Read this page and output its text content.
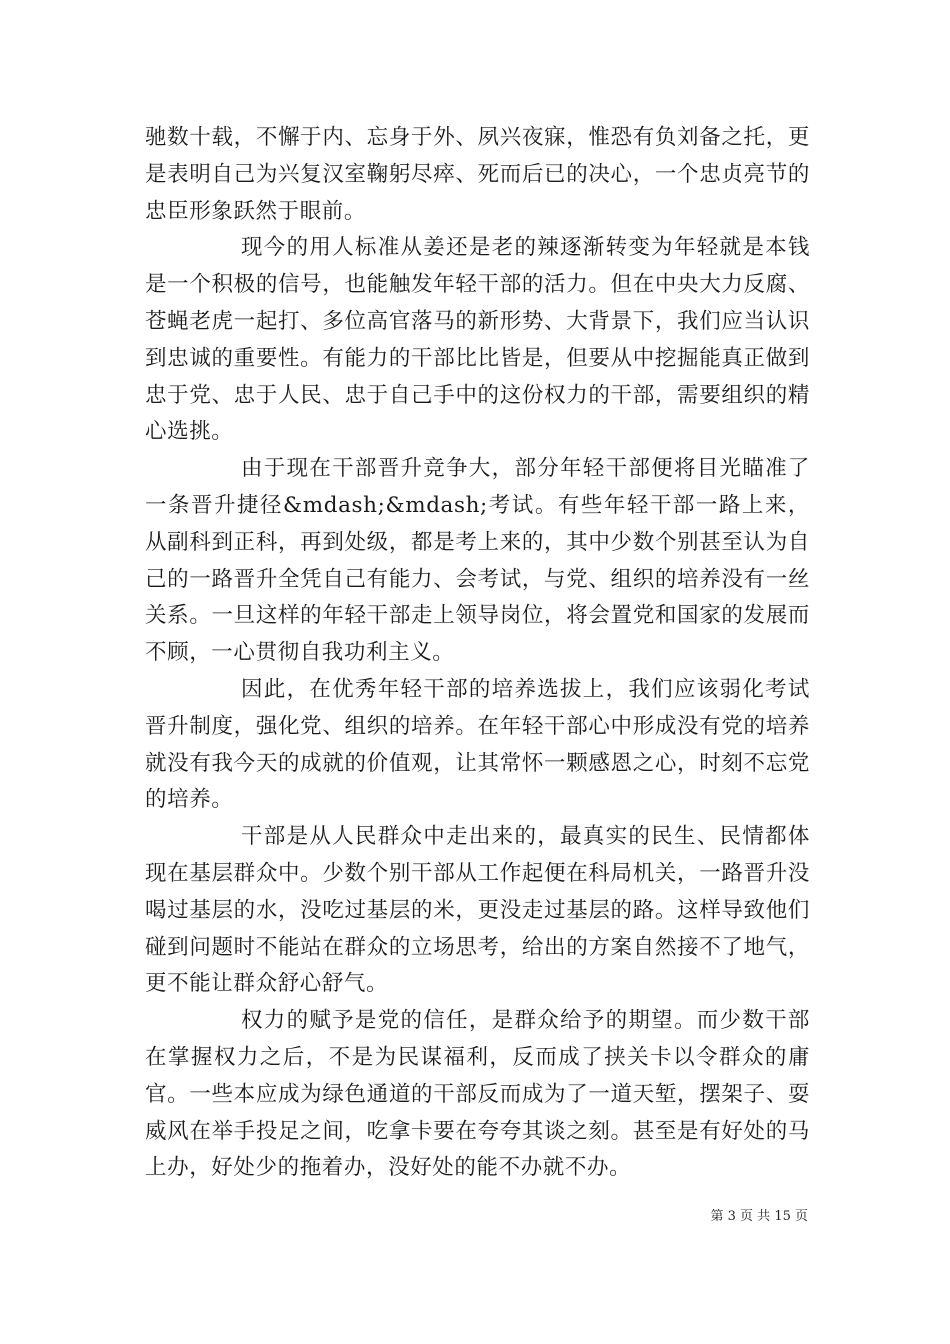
驰数十载，不懈于内、忘身于外、夙兴夜寐，惟恐有负刘备之托，更是表明自己为兴复汉室鞠躬尽瘁、死而后已的决心，一个忠贞亮节的忠臣形象跃然于眼前。

现今的用人标准从姜还是老的辣逐渐转变为年轻就是本钱是一个积极的信号，也能触发年轻干部的活力。但在中央大力反腐、苍蝇老虎一起打、多位高官落马的新形势、大背景下，我们应当认识到忠诚的重要性。有能力的干部比比皆是，但要从中挖掘能真正做到忠于党、忠于人民、忠于自己手中的这份权力的干部，需要组织的精心选挑。

由于现在干部晋升竞争大，部分年轻干部便将目光瞄准了一条晋升捷径&mdash;&mdash;考试。有些年轻干部一路上来，从副科到正科，再到处级，都是考上来的，其中少数个别甚至认为自己的一路晋升全凭自己有能力、会考试，与党、组织的培养没有一丝关系。一旦这样的年轻干部走上领导岗位，将会置党和国家的发展而不顾，一心贯彻自我功利主义。

因此，在优秀年轻干部的培养选拔上，我们应该弱化考试晋升制度，强化党、组织的培养。在年轻干部心中形成没有党的培养就没有我今天的成就的价值观，让其常怀一颗感恩之心，时刻不忘党的培养。

干部是从人民群众中走出来的，最真实的民生、民情都体现在基层群众中。少数个别干部从工作起便在科局机关，一路晋升没喝过基层的水，没吃过基层的米，更没走过基层的路。这样导致他们碰到问题时不能站在群众的立场思考，给出的方案自然接不了地气，更不能让群众舒心舒气。

权力的赋予是党的信任，是群众给予的期望。而少数干部在掌握权力之后，不是为民谋福利，反而成了挟关卡以令群众的庸官。一些本应成为绿色通道的干部反而成为了一道天堑，摆架子、耍威风在举手投足之间，吃拿卡要在夸夸其谈之刻。甚至是有好处的马上办，好处少的拖着办，没好处的能不办就不办。

第 3 页 共 15 页
